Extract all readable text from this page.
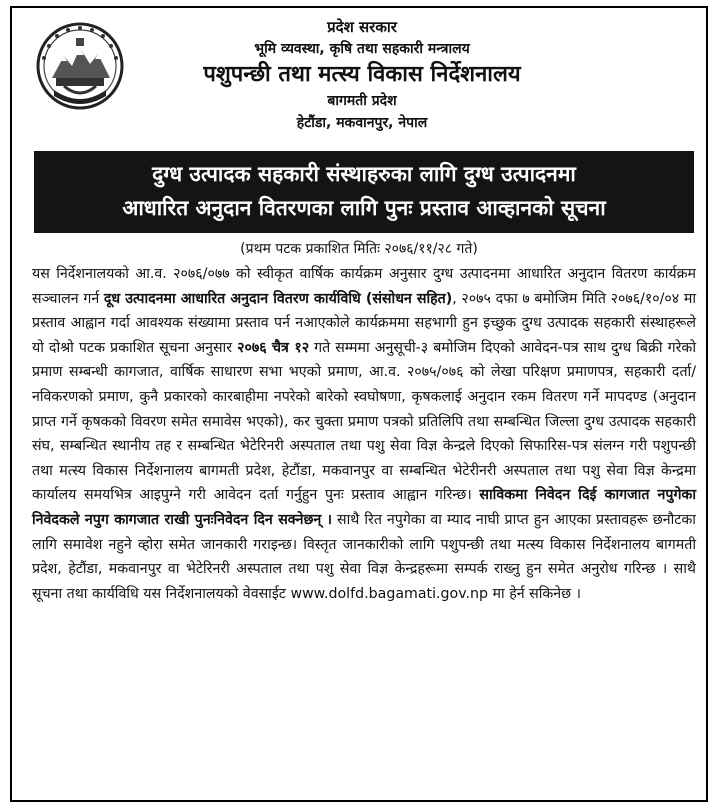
प्रदेश सरकार
भूमि व्यवस्था, कृषि तथा सहकारी मन्त्रालय
पशुपन्छी तथा मत्स्य विकास निर्देशनालय
बागमती प्रदेश
हेटौंडा, मकवानपुर, नेपाल
दुग्ध उत्पादक सहकारी संस्थाहरुका लागि दुग्ध उत्पादनमा
आधारित अनुदान वितरणका लागि पुनः प्रस्ताव आव्हानको सूचना
(प्रथम पटक प्रकाशित मितिः २०७६/११/२८ गते)
यस निर्देशनालयको आ.व. २०७६/०७७ को स्वीकृत वार्षिक कार्यक्रम अनुसार दुग्ध उत्पादनमा आधारित अनुदान वितरण कार्यक्रम सञ्चालन गर्न दूध उत्पादनमा आधारित अनुदान वितरण कार्यविधि (संसोधन सहित), २०७५ दफा ७ बमोजिम मिति २०७६/१०/०४ मा प्रस्ताव आह्वान गर्दा आवश्यक संख्यामा प्रस्ताव पर्न नआएकोले कार्यक्रममा सहभागी हुन इच्छुक दुग्ध उत्पादक सहकारी संस्थाहरूले यो दोश्रो पटक प्रकाशित सूचना अनुसार २०७६ चैत्र १२ गते सम्ममा अनुसूची-३ बमोजिम दिएको आवेदन-पत्र साथ दुग्ध बिक्री गरेको प्रमाण सम्बन्धी कागजात, वार्षिक साधारण सभा भएको प्रमाण, आ.व. २०७५/०७६ को लेखा परिक्षण प्रमाणपत्र, सहकारी दर्ता/नविकरणको प्रमाण, कुनै प्रकारको कारबाहीमा नपरेको बारेको स्वघोषणा, कृषकलाई अनुदान रकम वितरण गर्ने मापदण्ड (अनुदान प्राप्त गर्ने कृषकको विवरण समेत समावेस भएको), कर चुक्ता प्रमाण पत्रको प्रतिलिपि तथा सम्बन्धित जिल्ला दुग्ध उत्पादक सहकारी संघ, सम्बन्धित स्थानीय तह र सम्बन्धित भेटेरिनरी अस्पताल तथा पशु सेवा विज्ञ केन्द्रले दिएको सिफारिस-पत्र संलग्न गरी पशुपन्छी तथा मत्स्य विकास निर्देशनालय बागमती प्रदेश, हेटौंडा, मकवानपुर वा सम्बन्धित भेटेरीनरी अस्पताल तथा पशु सेवा विज्ञ केन्द्रमा कार्यालय समयभित्र आइपुग्ने गरी आवेदन दर्ता गर्नुहुन पुनः प्रस्ताव आह्वान गरिन्छ। साविकमा निवेदन दिई कागजात नपुगेका निवेदकले नपुग कागजात राखी पुनःनिवेदन दिन सक्नेछन् । साथै रित नपुगेका वा म्याद नाघी प्राप्त हुन आएका प्रस्तावहरू छनौटका लागि समावेश नहुने व्होरा समेत जानकारी गराइन्छ। विस्तृत जानकारीको लागि पशुपन्छी तथा मत्स्य विकास निर्देशनालय बागमती प्रदेश, हेटौंडा, मकवानपुर वा भेटेरिनरी अस्पताल तथा पशु सेवा विज्ञ केन्द्रहरूमा सम्पर्क राख्नु हुन समेत अनुरोध गरिन्छ । साथै सूचना तथा कार्यविधि यस निर्देशनालयको वेवसाईट www.dolfd.bagamati.gov.np मा हेर्न सकिनेछ ।
